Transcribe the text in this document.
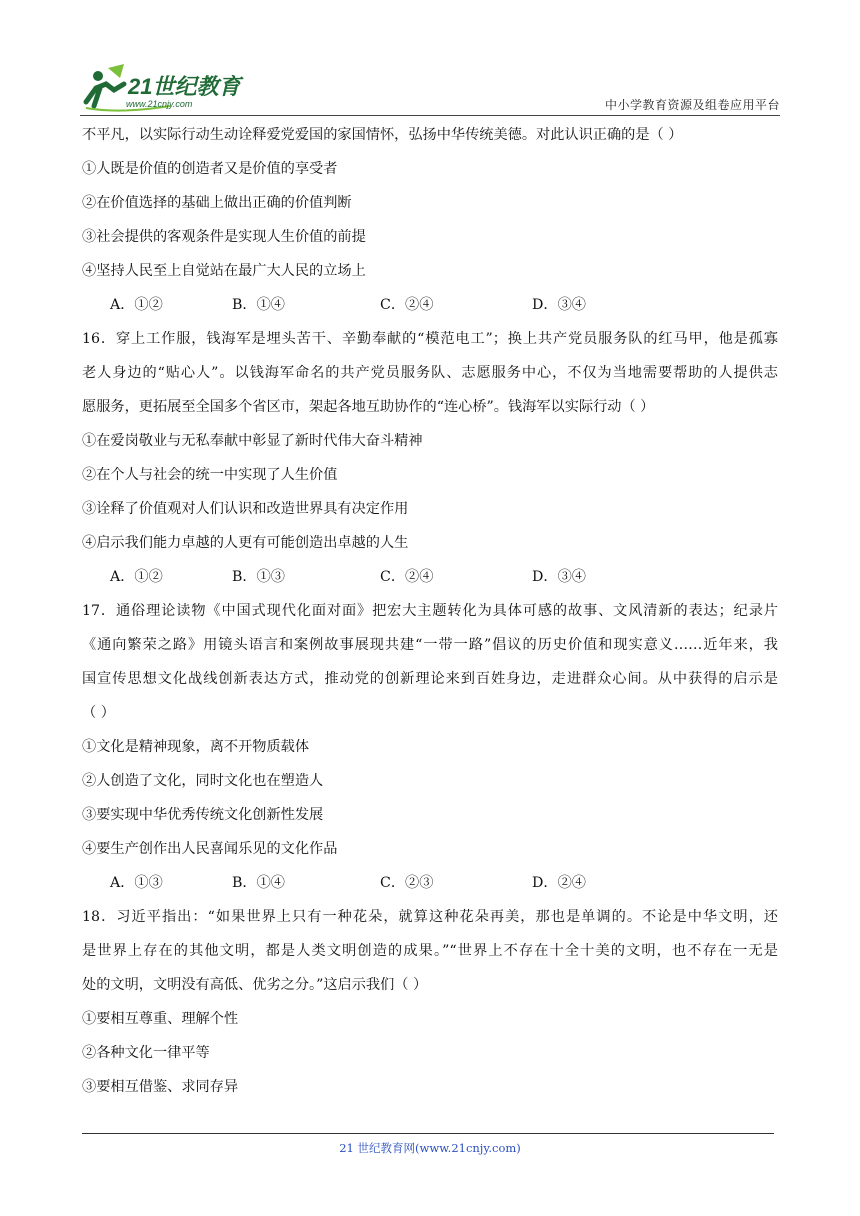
21世纪教育
www.21cnjy.com	中小学教育资源及组卷应用平台
不平凡，以实际行动生动诠释爱党爱国的家国情怀，弘扬中华传统美德。对此认识正确的是（ ）
①人既是价值的创造者又是价值的享受者
②在价值选择的基础上做出正确的价值判断
③社会提供的客观条件是实现人生价值的前提
④坚持人民至上自觉站在最广大人民的立场上
A．①②	B．①④	C．②④	D．③④
16．穿上工作服，钱海军是埋头苦干、辛勤奉献的“模范电工”；换上共产党员服务队的红马甲，他是孤寡
老人身边的“贴心人”。以钱海军命名的共产党员服务队、志愿服务中心，不仅为当地需要帮助的人提供志
愿服务，更拓展至全国多个省区市，架起各地互助协作的“连心桥”。钱海军以实际行动（ ）
①在爱岗敬业与无私奉献中彰显了新时代伟大奋斗精神
②在个人与社会的统一中实现了人生价值
③诠释了价值观对人们认识和改造世界具有决定作用
④启示我们能力卓越的人更有可能创造出卓越的人生
A．①②	B．①③	C．②④	D．③④
17．通俗理论读物《中国式现代化面对面》把宏大主题转化为具体可感的故事、文风清新的表达；纪录片
《通向繁荣之路》用镜头语言和案例故事展现共建“一带一路”倡议的历史价值和现实意义……近年来，我
国宣传思想文化战线创新表达方式，推动党的创新理论来到百姓身边，走进群众心间。从中获得的启示是
（ ）
①文化是精神现象，离不开物质载体
②人创造了文化，同时文化也在塑造人
③要实现中华优秀传统文化创新性发展
④要生产创作出人民喜闻乐见的文化作品
A．①③	B．①④	C．②③	D．②④
18．习近平指出：“如果世界上只有一种花朵，就算这种花朵再美，那也是单调的。不论是中华文明，还
是世界上存在的其他文明，都是人类文明创造的成果。”“世界上不存在十全十美的文明，也不存在一无是
处的文明，文明没有高低、优劣之分。”这启示我们（ ）
①要相互尊重、理解个性
②各种文化一律平等
③要相互借鉴、求同存异
21 世纪教育网(www.21cnjy.com)
